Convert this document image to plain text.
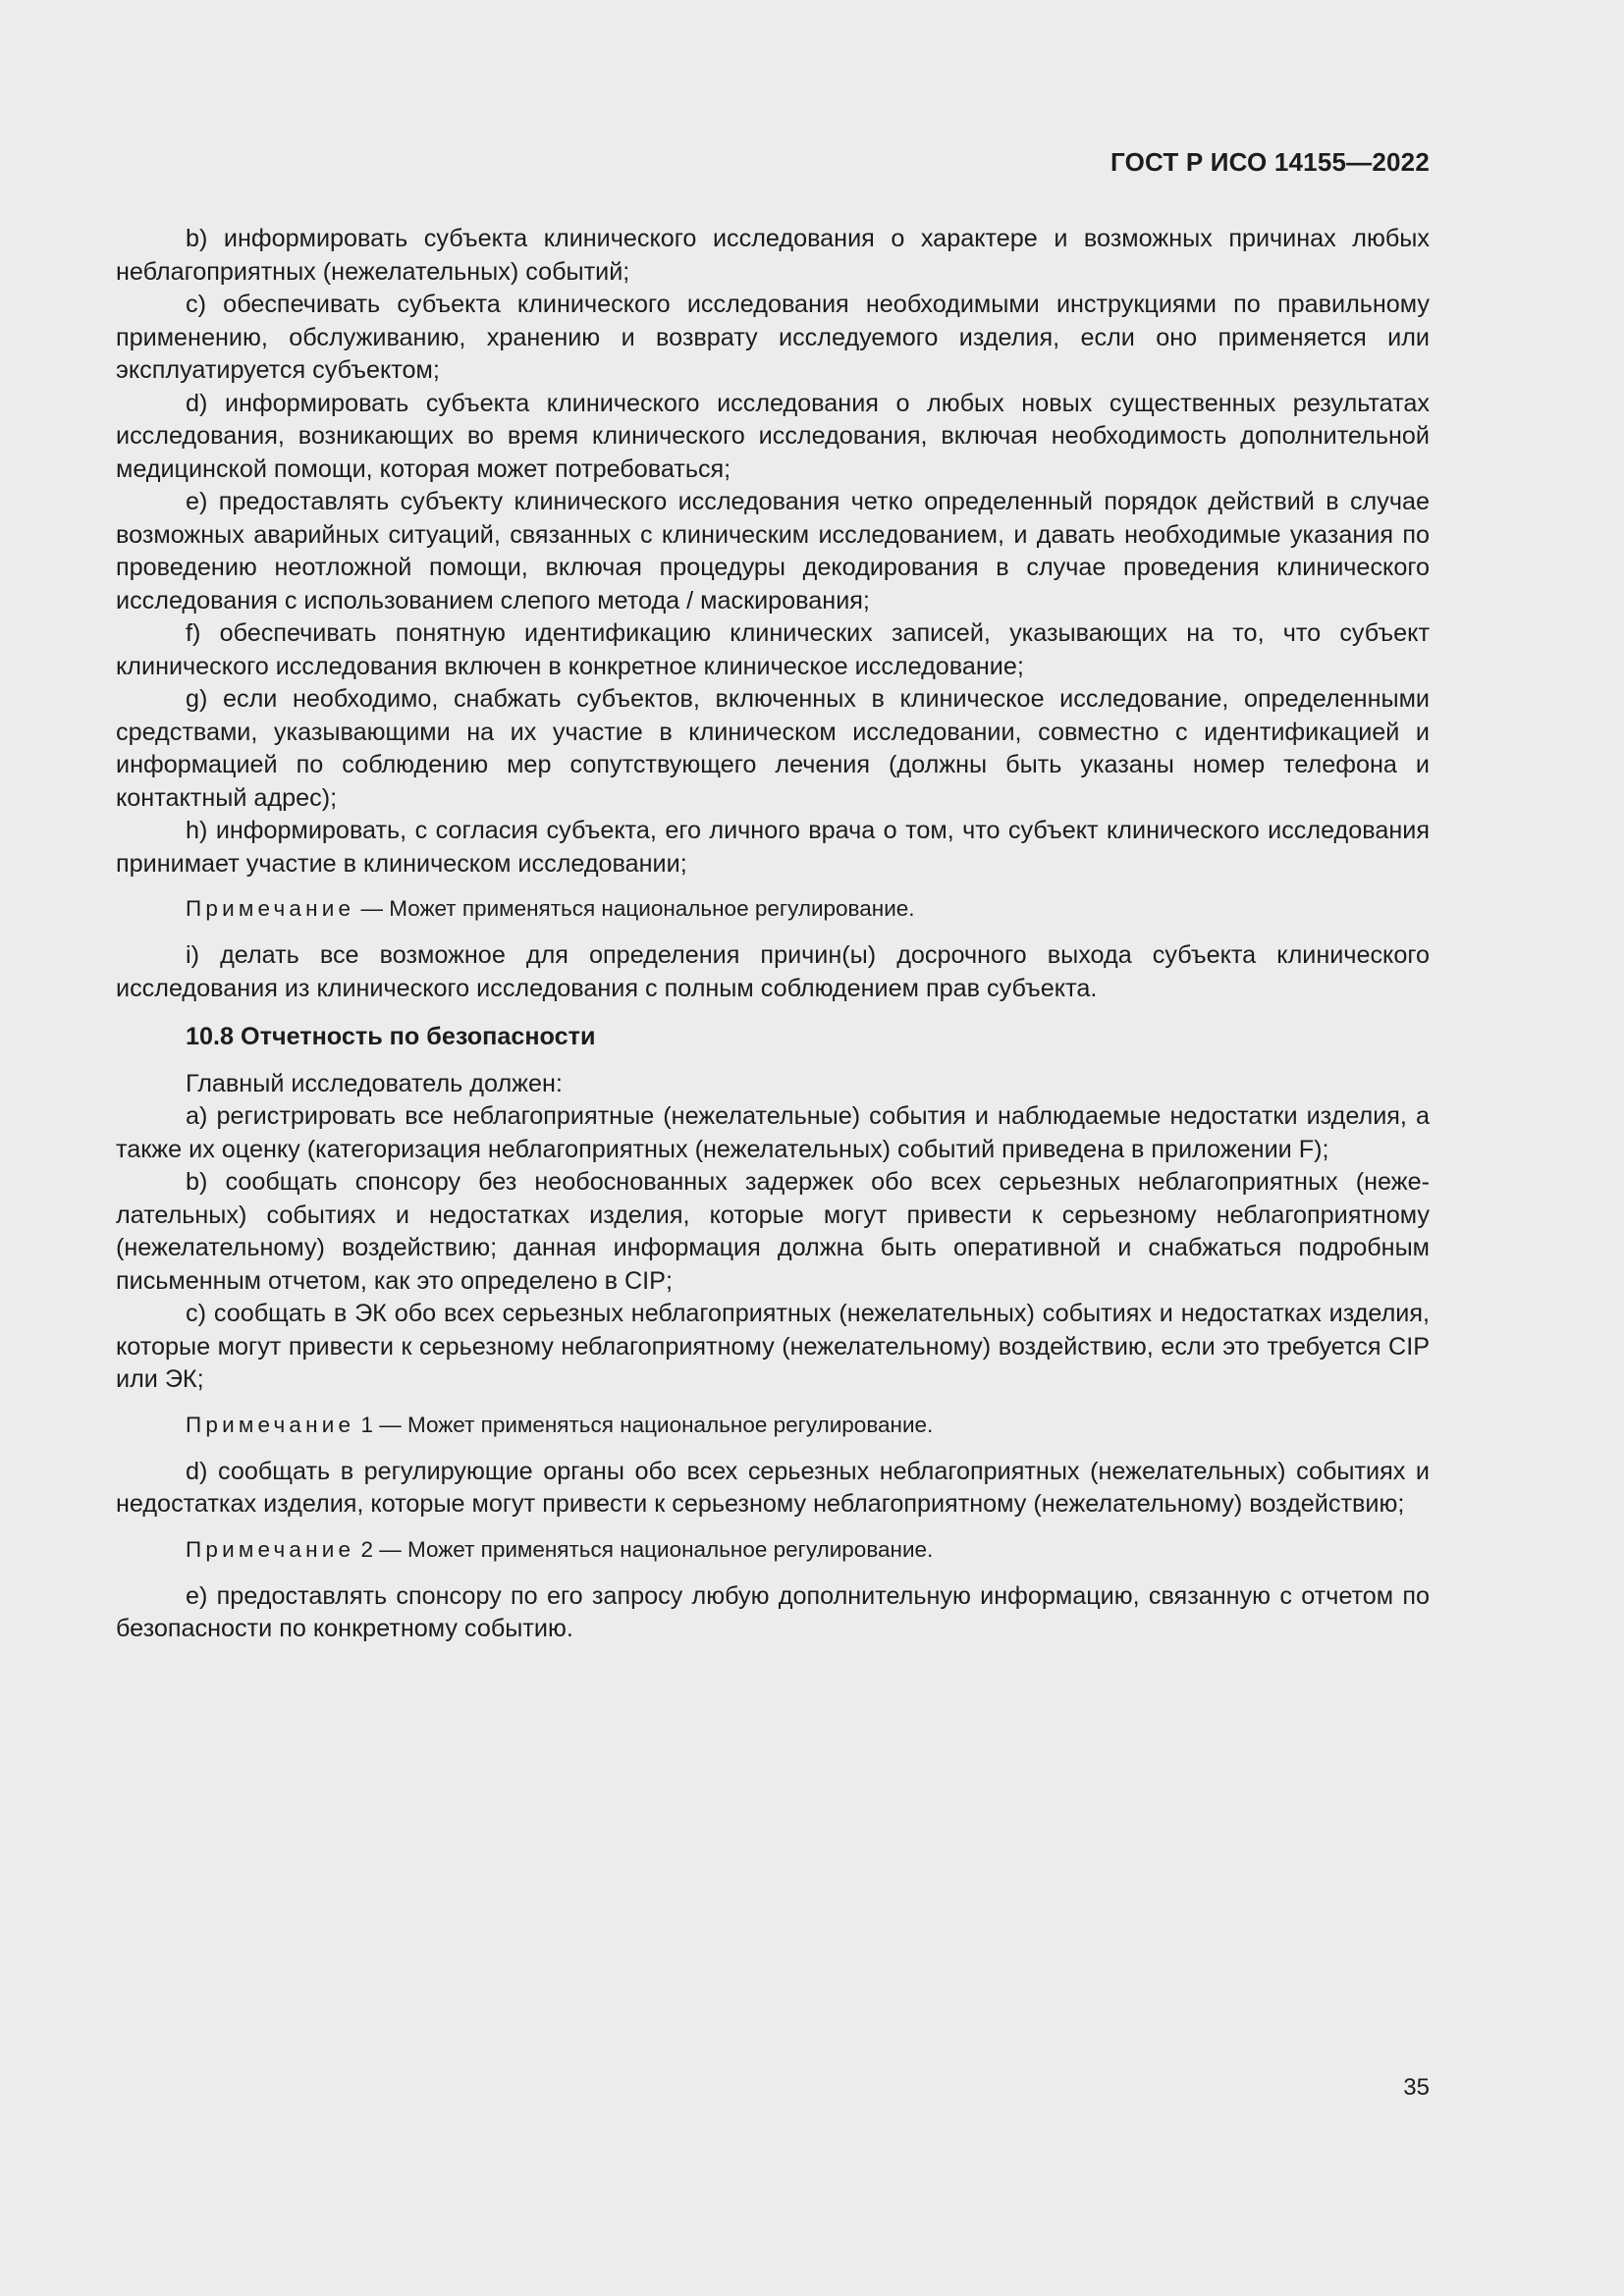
ГОСТ Р ИСО 14155—2022

b) информировать субъекта клинического исследования о характере и возможных причинах любых неблагоприятных (нежелательных) событий;

c) обеспечивать субъекта клинического исследования необходимыми инструкциями по правильному применению, обслуживанию, хранению и возврату исследуемого изделия, если оно применяется или эксплуатируется субъектом;

d) информировать субъекта клинического исследования о любых новых существенных результатах исследования, возникающих во время клинического исследования, включая необходимость дополнительной медицинской помощи, которая может потребоваться;

e) предоставлять субъекту клинического исследования четко определенный порядок действий в случае возможных аварийных ситуаций, связанных с клиническим исследованием, и давать необходимые указания по проведению неотложной помощи, включая процедуры декодирования в случае проведения клинического исследования с использованием слепого метода / маскирования;

f) обеспечивать понятную идентификацию клинических записей, указывающих на то, что субъект клинического исследования включен в конкретное клиническое исследование;

g) если необходимо, снабжать субъектов, включенных в клиническое исследование, определенными средствами, указывающими на их участие в клиническом исследовании, совместно с идентификацией и информацией по соблюдению мер сопутствующего лечения (должны быть указаны номер телефона и контактный адрес);

h) информировать, с согласия субъекта, его личного врача о том, что субъект клинического исследования принимает участие в клиническом исследовании;

Примечание — Может применяться национальное регулирование.

i) делать все возможное для определения причин(ы) досрочного выхода субъекта клинического исследования из клинического исследования с полным соблюдением прав субъекта.

10.8 Отчетность по безопасности

Главный исследователь должен:

a) регистрировать все неблагоприятные (нежелательные) события и наблюдаемые недостатки изделия, а также их оценку (категоризация неблагоприятных (нежелательных) событий приведена в приложении F);

b) сообщать спонсору без необоснованных задержек обо всех серьезных неблагоприятных (нежелательных) событиях и недостатках изделия, которые могут привести к серьезному неблагоприятному (нежелательному) воздействию; данная информация должна быть оперативной и снабжаться подробным письменным отчетом, как это определено в CIP;

c) сообщать в ЭК обо всех серьезных неблагоприятных (нежелательных) событиях и недостатках изделия, которые могут привести к серьезному неблагоприятному (нежелательному) воздействию, если это требуется CIP или ЭК;

Примечание 1 — Может применяться национальное регулирование.

d) сообщать в регулирующие органы обо всех серьезных неблагоприятных (нежелательных) событиях и недостатках изделия, которые могут привести к серьезному неблагоприятному (нежелательному) воздействию;

Примечание 2 — Может применяться национальное регулирование.

e) предоставлять спонсору по его запросу любую дополнительную информацию, связанную с отчетом по безопасности по конкретному событию.

35
